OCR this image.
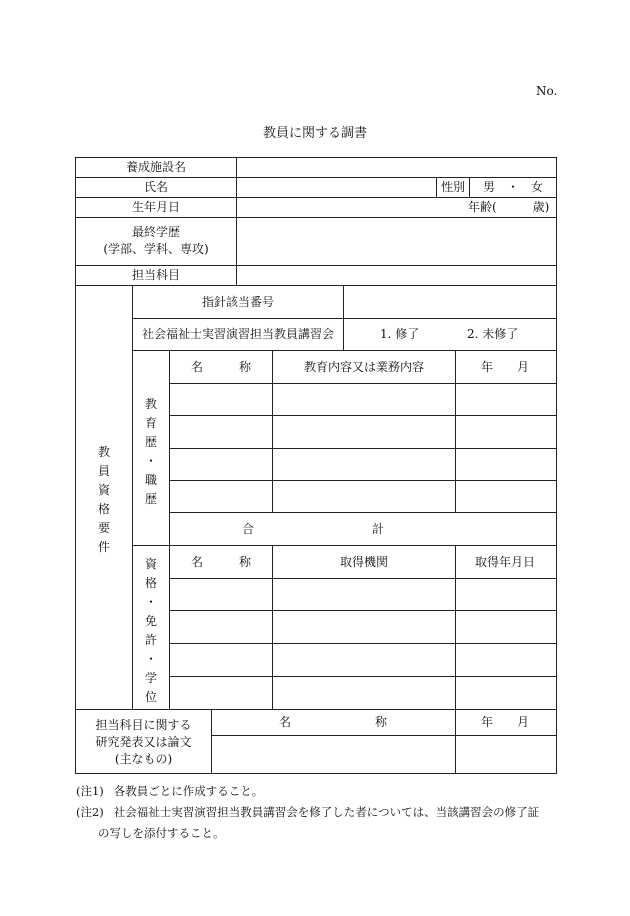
No.
教員に関する調書
養成施設名
氏名	性別 男　・　女
生年月日	年齢(　　　歳)
最終学歴
(学部、学科、専攻)
担当科目
教
員
資
格
要
件
指針該当番号
社会福祉士実習演習担当教員講習会	1. 修了	2. 未修了
教
育
歴
・
職
歴
名　　　称	教育内容又は業務内容	年　　月
合	計
資
格
・
免
許
・
学
位
名　　　称	取得機関	取得年月日
担当科目に関する
研究発表又は論文
(主なもの)
名　　　　　　　称	年　　月
(注1) 各教員ごとに作成すること。
(注2) 社会福祉士実習演習担当教員講習会を修了した者については、当該講習会の修了証
の写しを添付すること。
